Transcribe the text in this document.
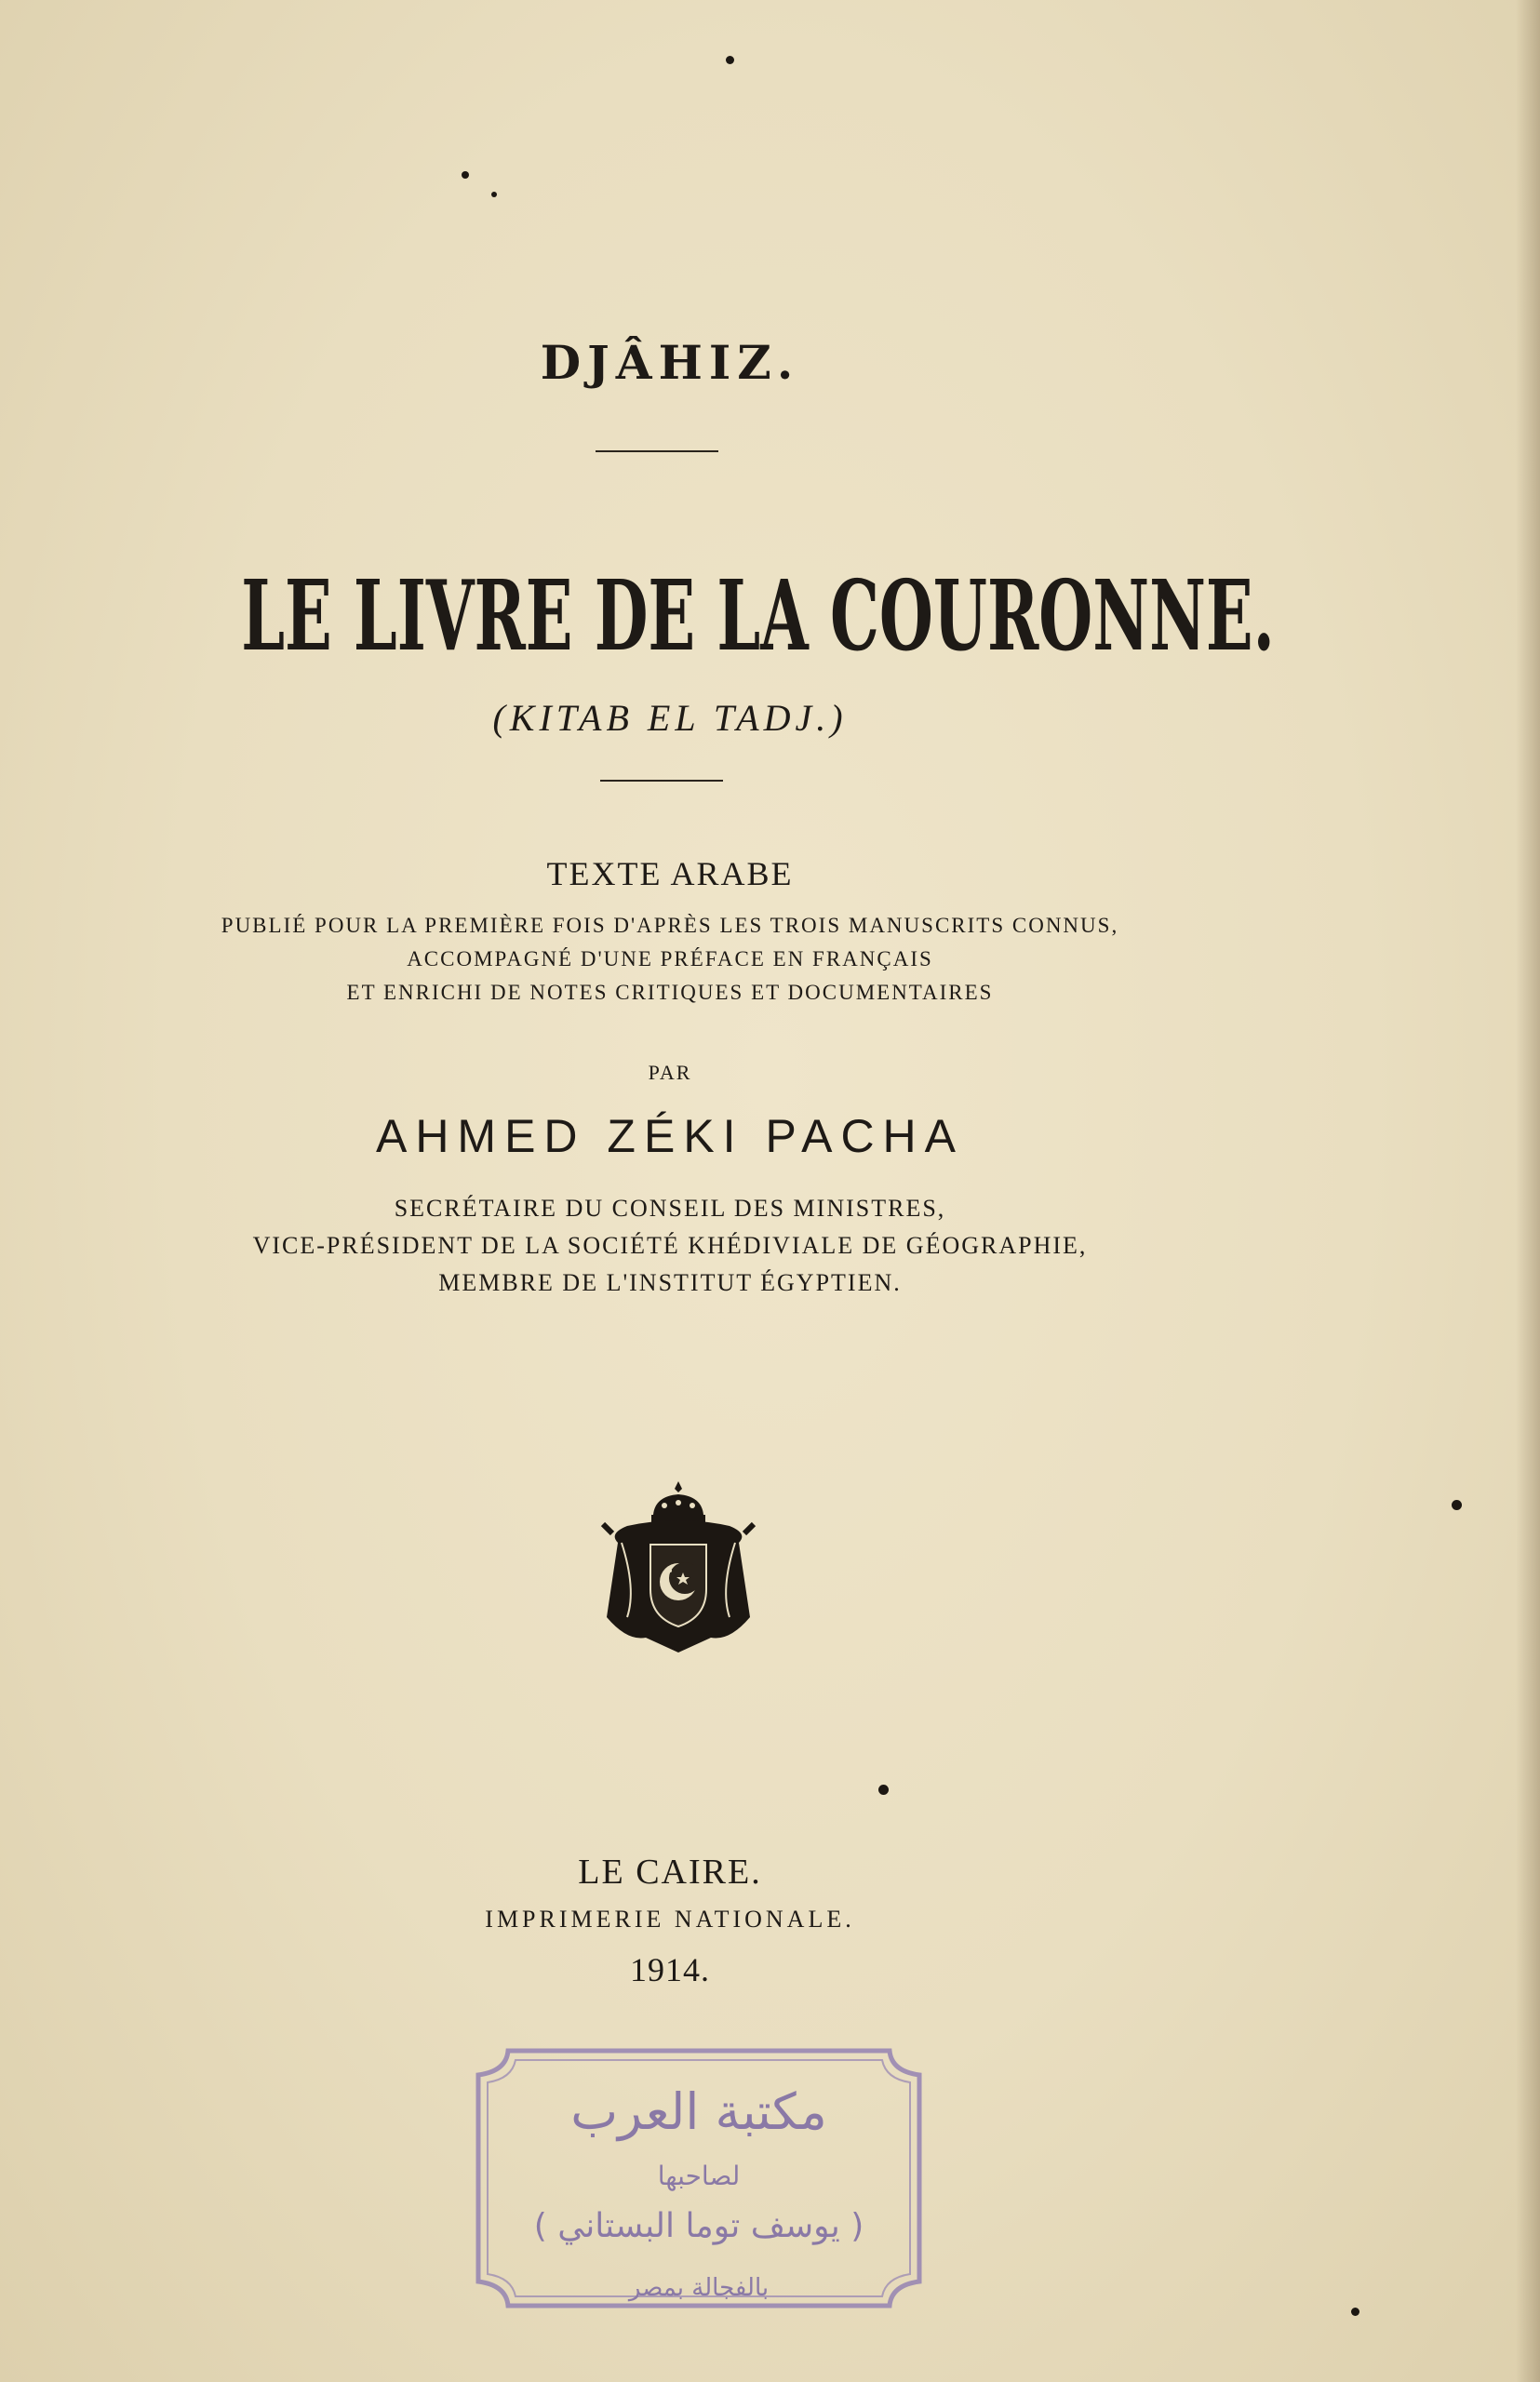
DJÂHIZ.
LE LIVRE DE LA COURONNE.
(KITAB EL TADJ.)
TEXTE ARABE
PUBLIÉ POUR LA PREMIÈRE FOIS D'APRÈS LES TROIS MANUSCRITS CONNUS,
ACCOMPAGNÉ D'UNE PRÉFACE EN FRANÇAIS
ET ENRICHI DE NOTES CRITIQUES ET DOCUMENTAIRES
PAR
AHMED ZÉKI PACHA
SECRÉTAIRE DU CONSEIL DES MINISTRES,
VICE-PRÉSIDENT DE LA SOCIÉTÉ KHÉDIVIALE DE GÉOGRAPHIE,
MEMBRE DE L'INSTITUT ÉGYPTIEN.
LE CAIRE.
IMPRIMERIE NATIONALE.
1914.
مكتبة العرب
لصاحبها
( يوسف توما البستاني )
بالفجالة بمصر
